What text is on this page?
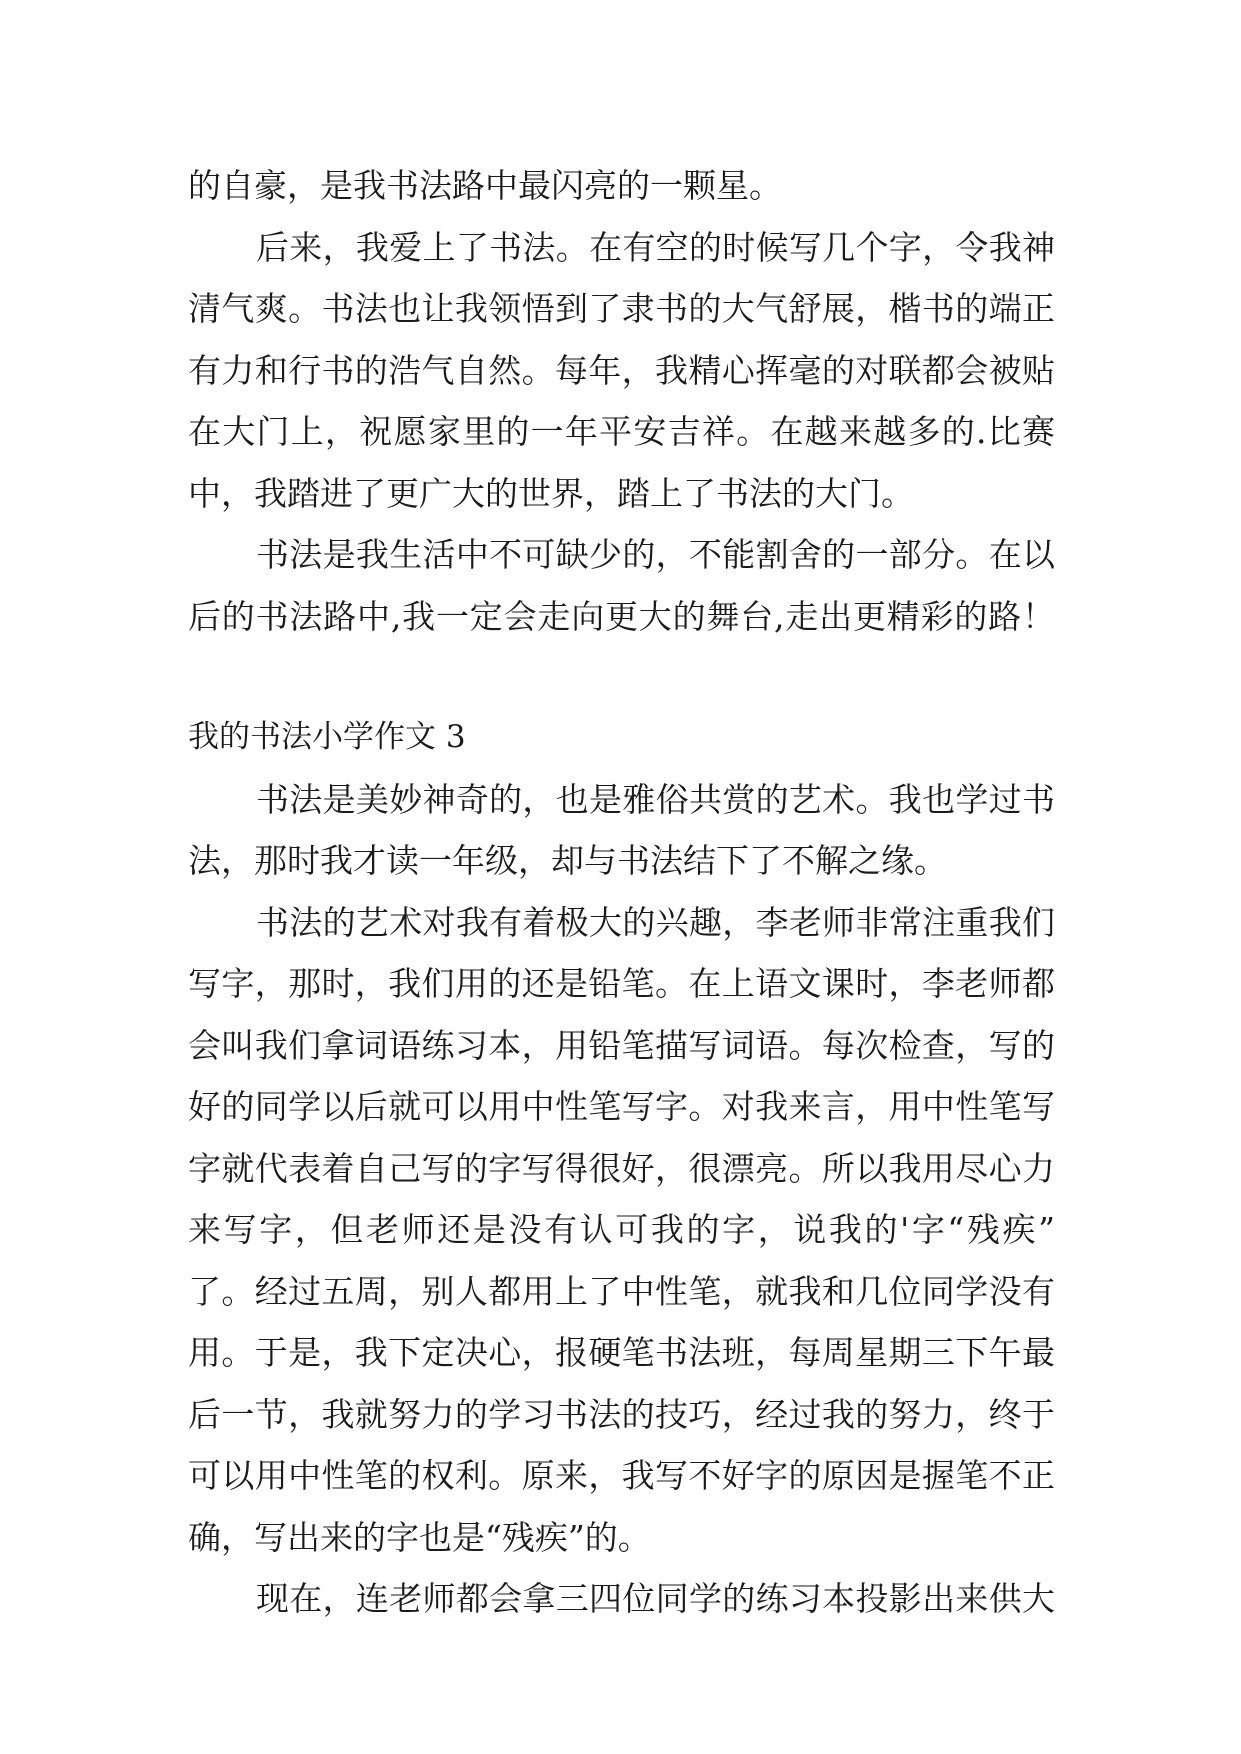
的自豪，是我书法路中最闪亮的一颗星。
后来，我爱上了书法。在有空的时候写几个字，令我神
清气爽。书法也让我领悟到了隶书的大气舒展，楷书的端正
有力和行书的浩气自然。每年，我精心挥毫的对联都会被贴
在大门上，祝愿家里的一年平安吉祥。在越来越多的.比赛
中，我踏进了更广大的世界，踏上了书法的大门。
书法是我生活中不可缺少的，不能割舍的一部分。在以
后的书法路中,我一定会走向更大的舞台,走出更精彩的路！
我的书法小学作文 3
书法是美妙神奇的，也是雅俗共赏的艺术。我也学过书
法，那时我才读一年级，却与书法结下了不解之缘。
书法的艺术对我有着极大的兴趣，李老师非常注重我们
写字，那时，我们用的还是铅笔。在上语文课时，李老师都
会叫我们拿词语练习本，用铅笔描写词语。每次检查，写的
好的同学以后就可以用中性笔写字。对我来言，用中性笔写
字就代表着自己写的字写得很好，很漂亮。所以我用尽心力
来写字，但老师还是没有认可我的字，说我的'字“残疾”
了。经过五周，别人都用上了中性笔，就我和几位同学没有
用。于是，我下定决心，报硬笔书法班，每周星期三下午最
后一节，我就努力的学习书法的技巧，经过我的努力，终于
可以用中性笔的权利。原来，我写不好字的原因是握笔不正
确，写出来的字也是“残疾”的。
现在，连老师都会拿三四位同学的练习本投影出来供大
